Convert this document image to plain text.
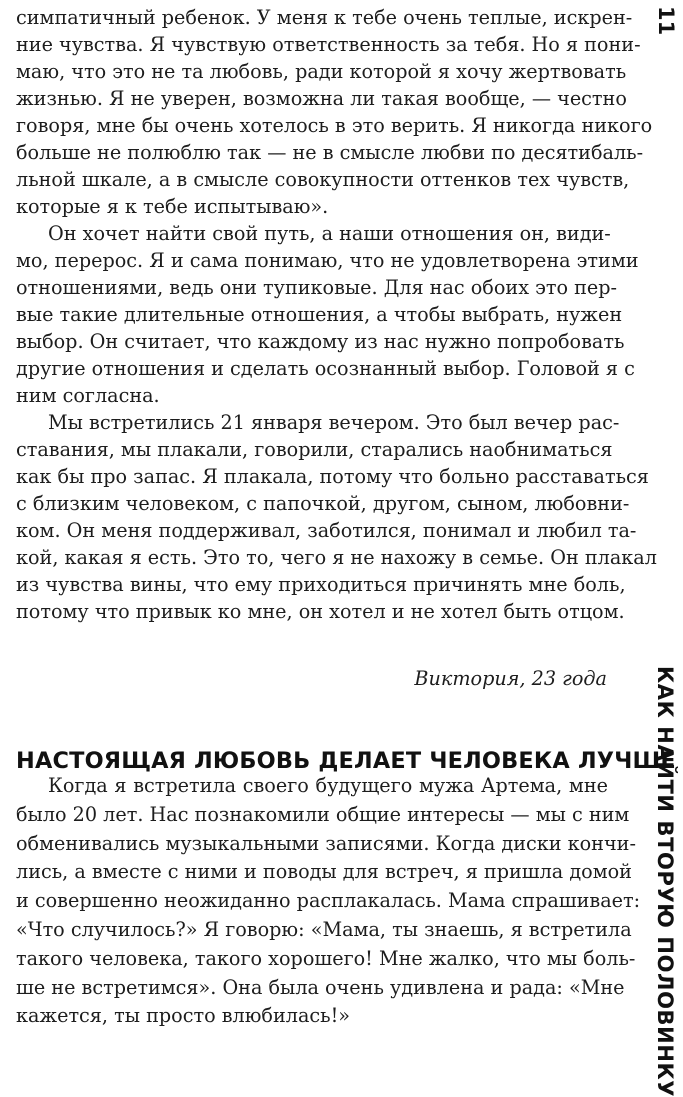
симпатичный ребенок. У меня к тебе очень теплые, искрен-
ние чувства. Я чувствую ответственность за тебя. Но я пони-
маю, что это не та любовь, ради которой я хочу жертвовать
жизнью. Я не уверен, возможна ли такая вообще, — честно
говоря, мне бы очень хотелось в это верить. Я никогда никого
больше не полюблю так — не в смысле любви по десятибаль-
льной шкале, а в смысле совокупности оттенков тех чувств,
которые я к тебе испытываю».
Он хочет найти свой путь, а наши отношения он, види-
мо, перерос. Я и сама понимаю, что не удовлетворена этими
отношениями, ведь они тупиковые. Для нас обоих это пер-
вые такие длительные отношения, а чтобы выбрать, нужен
выбор. Он считает, что каждому из нас нужно попробовать
другие отношения и сделать осознанный выбор. Головой я с
ним согласна.
Мы встретились 21 января вечером. Это был вечер рас-
ставания, мы плакали, говорили, старались наобниматься
как бы про запас. Я плакала, потому что больно расставаться
с близким человеком, с папочкой, другом, сыном, любовни-
ком. Он меня поддерживал, заботился, понимал и любил та-
кой, какая я есть. Это то, чего я не нахожу в семье. Он плакал
из чувства вины, что ему приходиться причинять мне боль,
потому что привык ко мне, он хотел и не хотел быть отцом.
Виктория, 23 года
НАСТОЯЩАЯ ЛЮБОВЬ ДЕЛАЕТ ЧЕЛОВЕКА ЛУЧШЕ
Когда я встретила своего будущего мужа Артема, мне
было 20 лет. Нас познакомили общие интересы — мы с ним
обменивались музыкальными записями. Когда диски кончи-
лись, а вместе с ними и поводы для встреч, я пришла домой
и совершенно неожиданно расплакалась. Мама спрашивает:
«Что случилось?» Я говорю: «Мама, ты знаешь, я встретила
такого человека, такого хорошего! Мне жалко, что мы боль-
ше не встретимся». Она была очень удивлена и рада: «Мне
кажется, ты просто влюбилась!»
11
КАК НАЙТИ ВТОРУЮ ПОЛОВИНКУ
